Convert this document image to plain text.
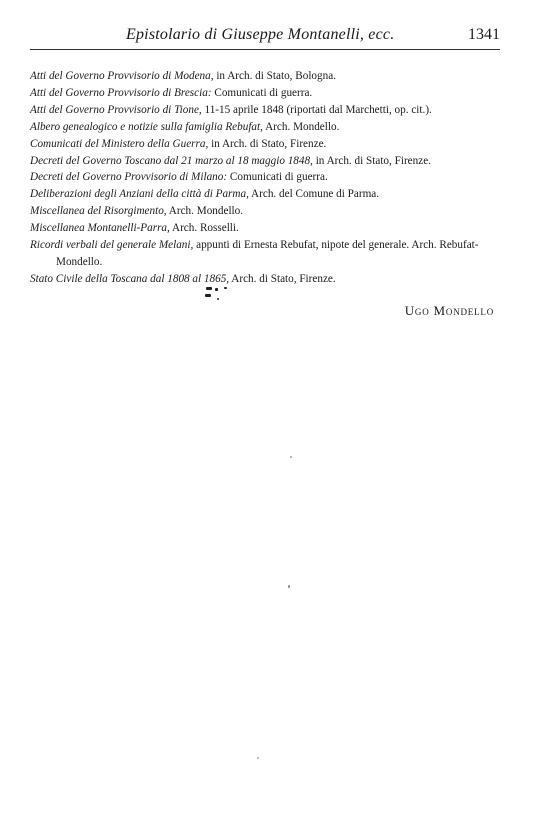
Epistolario di Giuseppe Montanelli, ecc.	1341

Atti del Governo Provvisorio di Modena, in Arch. di Stato, Bologna.

Atti del Governo Provvisorio di Brescia: Comunicati di guerra.

Atti del Governo Provvisorio di Tione, 11-15 aprile 1848 (riportati dal Marchetti, op. cit.).

Albero genealogico e notizie sulla famiglia Rebufat, Arch. Mondello.

Comunicati del Ministero della Guerra, in Arch. di Stato, Firenze.

Decreti del Governo Toscano dal 21 marzo al 18 maggio 1848, in Arch. di Stato, Firenze.

Decreti del Governo Provvisorio di Milano: Comunicati di guerra.

Deliberazioni degli Anziani della città di Parma, Arch. del Comune di Parma.

Miscellanea del Risorgimento, Arch. Mondello.

Miscellanea Montanelli-Parra, Arch. Rosselli.

Ricordi verbali del generale Melani, appunti di Ernesta Rebufat, nipote del generale. Arch. Rebufat-Mondello.

Stato Civile della Toscana dal 1808 al 1865, Arch. di Stato, Firenze.

Ugo Mondello
